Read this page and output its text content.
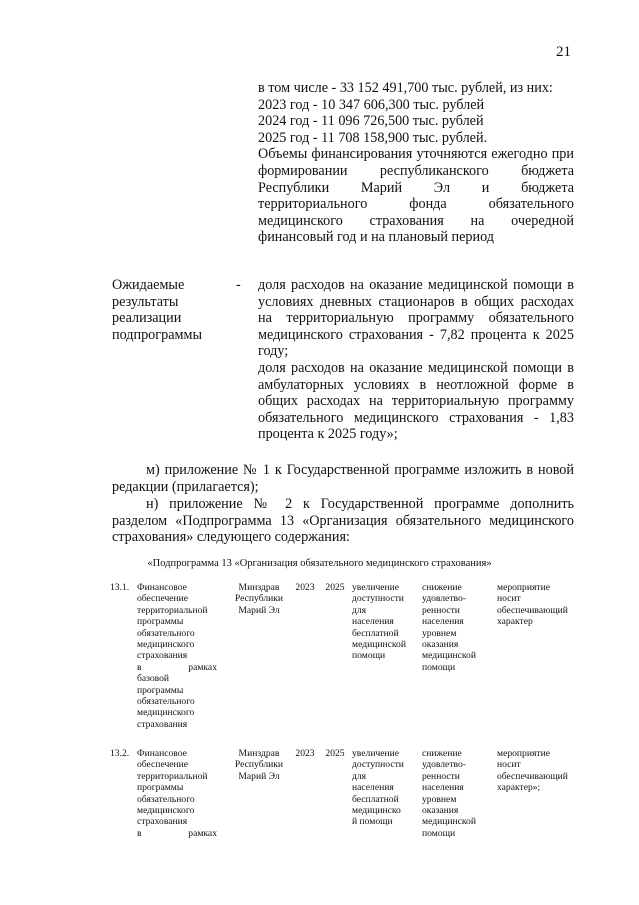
21
в том числе - 33 152 491,700 тыс. рублей, из них:
2023 год - 10 347 606,300 тыс. рублей
2024 год - 11 096 726,500 тыс. рублей
2025 год - 11 708 158,900 тыс. рублей.
Объемы финансирования уточняются ежегодно при формировании республиканского бюджета Республики Марий Эл и бюджета территориального фонда обязательного медицинского страхования на очередной финансовый год и на плановый период
Ожидаемые результаты реализации подпрограммы
- доля расходов на оказание медицинской помощи в условиях дневных стационаров в общих расходах на территориальную программу обязательного медицинского страхования - 7,82 процента к 2025 году;
доля расходов на оказание медицинской помощи в амбулаторных условиях в неотложной форме в общих расходах на территориальную программу обязательного медицинского страхования - 1,83 процента к 2025 году»;
м) приложение № 1 к Государственной программе изложить в новой редакции (прилагается);
н) приложение № 2 к Государственной программе дополнить разделом «Подпрограмма 13 «Организация обязательного медицинского страхования» следующего содержания:
«Подпрограмма 13 «Организация обязательного медицинского страхования»
13.1. Финансовое
обеспечение
территориальной
программы
обязательного
медицинского
страхования
в рамках
базовой
программы
обязательного
медицинского
страхования
Минздрав
Республики
Марий Эл
2023 2025 увеличение
доступности
для
населения
бесплатной
медицинской
помощи
снижение
удовлетво-
ренности
населения
уровнем
оказания
медицинской
помощи
мероприятие
носит
обеспечивающий
характер
13.2. Финансовое
обеспечение
территориальной
программы
обязательного
медицинского
страхования
в рамках
Минздрав
Республики
Марий Эл
2023 2025 увеличение
доступности
для
населения
бесплатной
медицинско
й помощи
снижение
удовлетво-
ренности
населения
уровнем
оказания
медицинской
помощи
мероприятие
носит
обеспечивающий
характер»;
